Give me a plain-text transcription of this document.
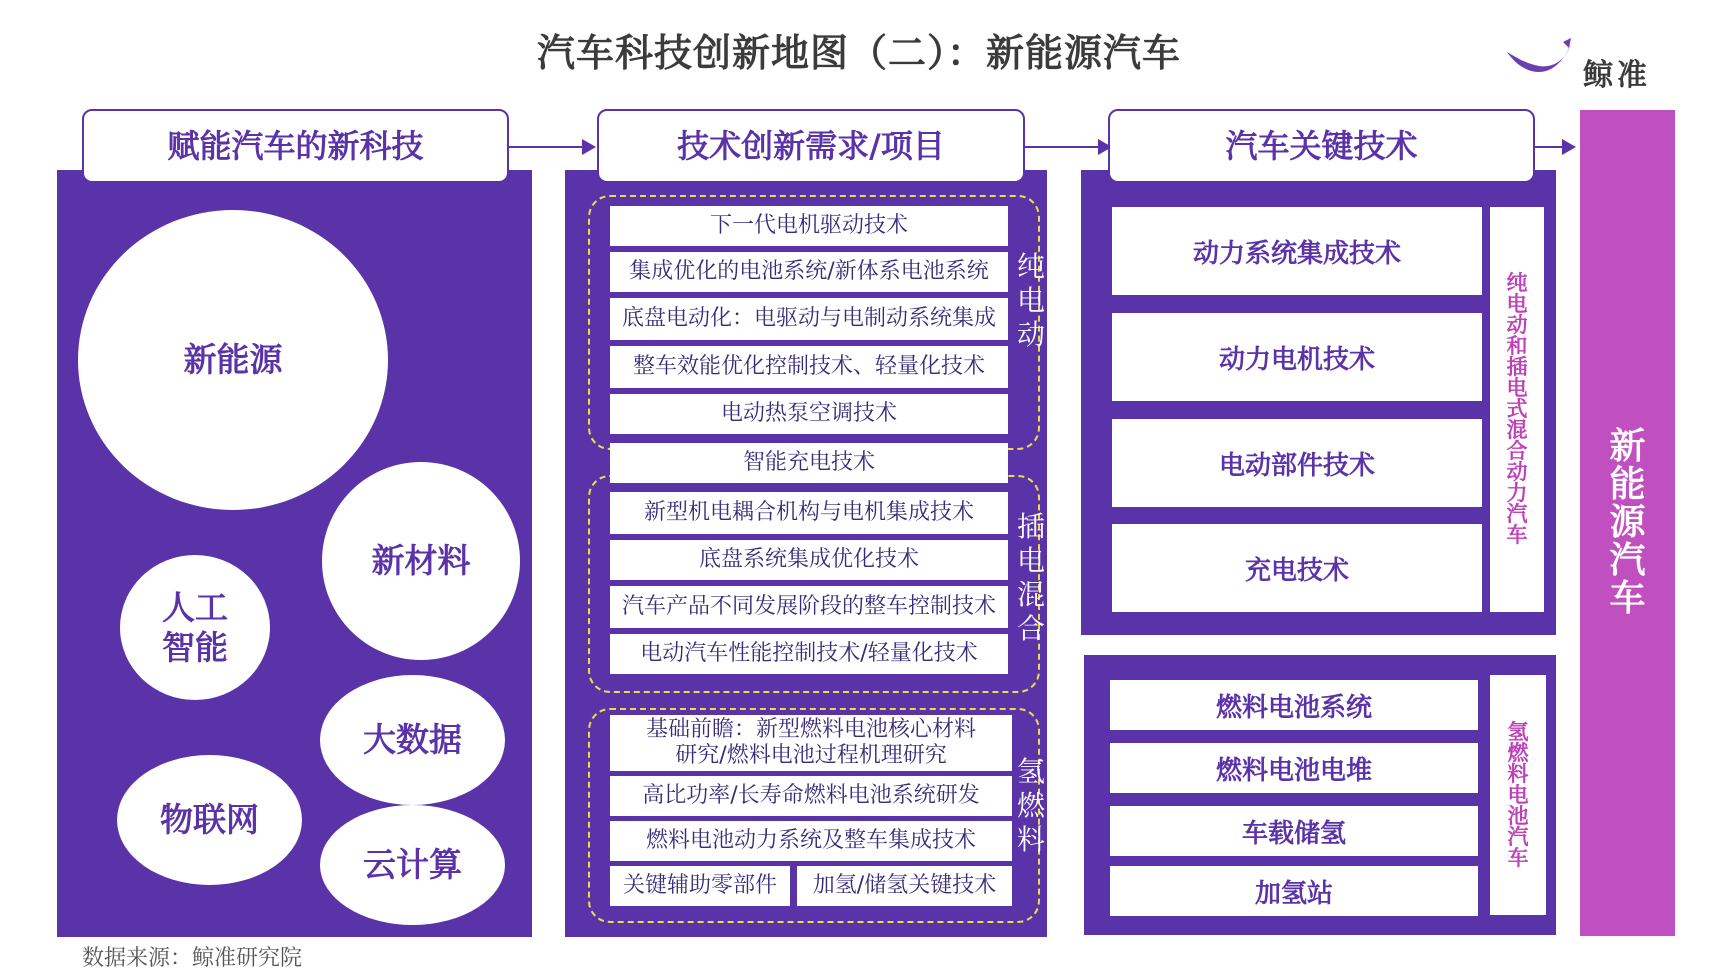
汽车科技创新地图（二）：新能源汽车
鲸准
赋能汽车的新科技
新能源
新材料
人工智能
大数据
物联网
云计算
技术创新需求/项目
下一代电机驱动技术
集成优化的电池系统/新体系电池系统
底盘电动化：电驱动与电制动系统集成
整车效能优化控制技术、轻量化技术
电动热泵空调技术
智能充电技术
新型机电耦合机构与电机集成技术
底盘系统集成优化技术
汽车产品不同发展阶段的整车控制技术
电动汽车性能控制技术/轻量化技术
基础前瞻：新型燃料电池核心材料研究/燃料电池过程机理研究
高比功率/长寿命燃料电池系统研发
燃料电池动力系统及整车集成技术
关键辅助零部件	加氢/储氢关键技术
纯电动
插电混合
氢燃料
汽车关键技术
动力系统集成技术
动力电机技术
电动部件技术
充电技术
纯电动和插电式混合动力汽车
燃料电池系统
燃料电池电堆
车载储氢
加氢站
氢燃料电池汽车
新能源汽车
数据来源：鲸准研究院
